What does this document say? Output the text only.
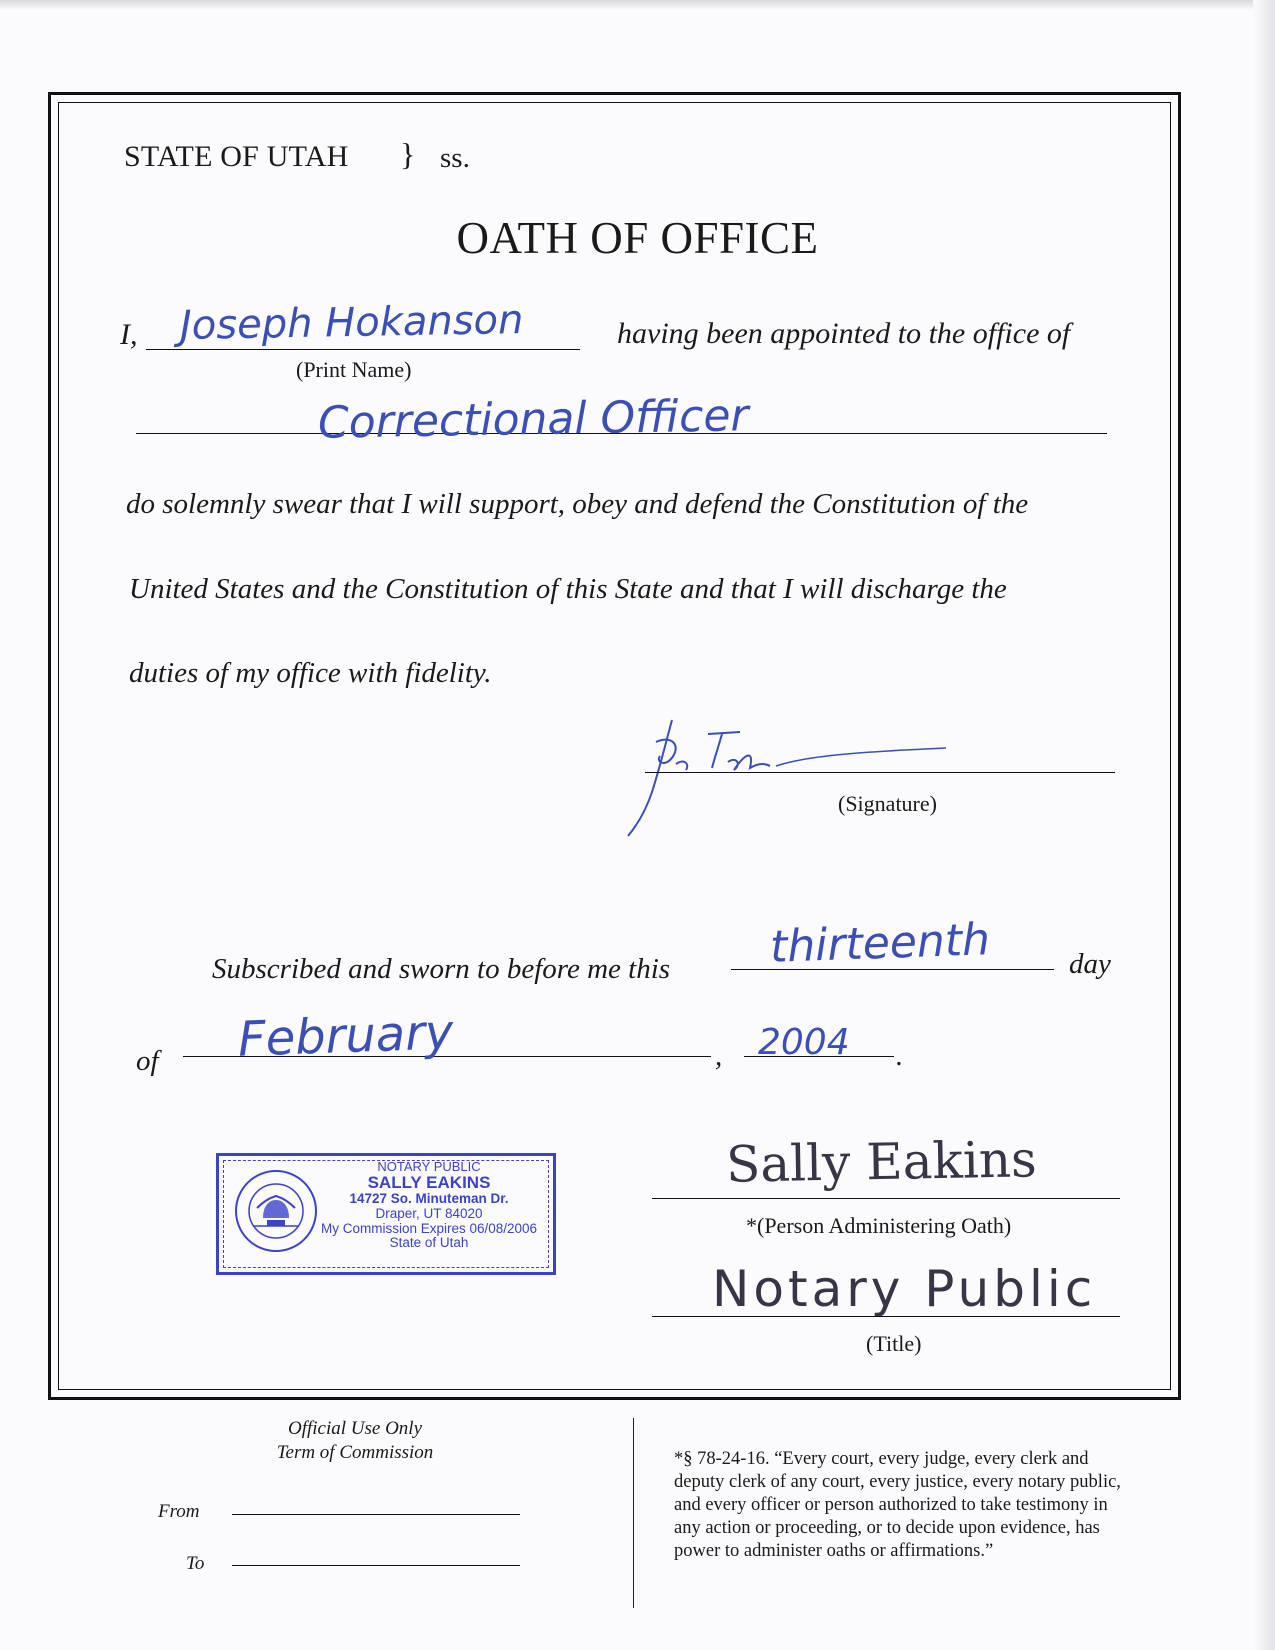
STATE OF UTAH } ss.
OATH OF OFFICE
I, Joseph Hokanson	having been appointed to the office of
(Print Name)
Correctional Officer
do solemnly swear that I will support, obey and defend the Constitution of the
United States and the Constitution of this State and that I will discharge the
duties of my office with fidelity.
(Signature)
Subscribed and sworn to before me this thirteenth	day
of February	, 2004 .
NOTARY PUBLIC
SALLY EAKINS
14727 So. Minuteman Dr.
Draper, UT 84020
My Commission Expires 06/08/2006
State of Utah
Sally Eakins
*(Person Administering Oath)
Notary Public
(Title)
Official Use Only
Term of Commission
From
To
*§ 78-24-16. “Every court, every judge, every clerk and
deputy clerk of any court, every justice, every notary public,
and every officer or person authorized to take testimony in
any action or proceeding, or to decide upon evidence, has
power to administer oaths or affirmations.”
